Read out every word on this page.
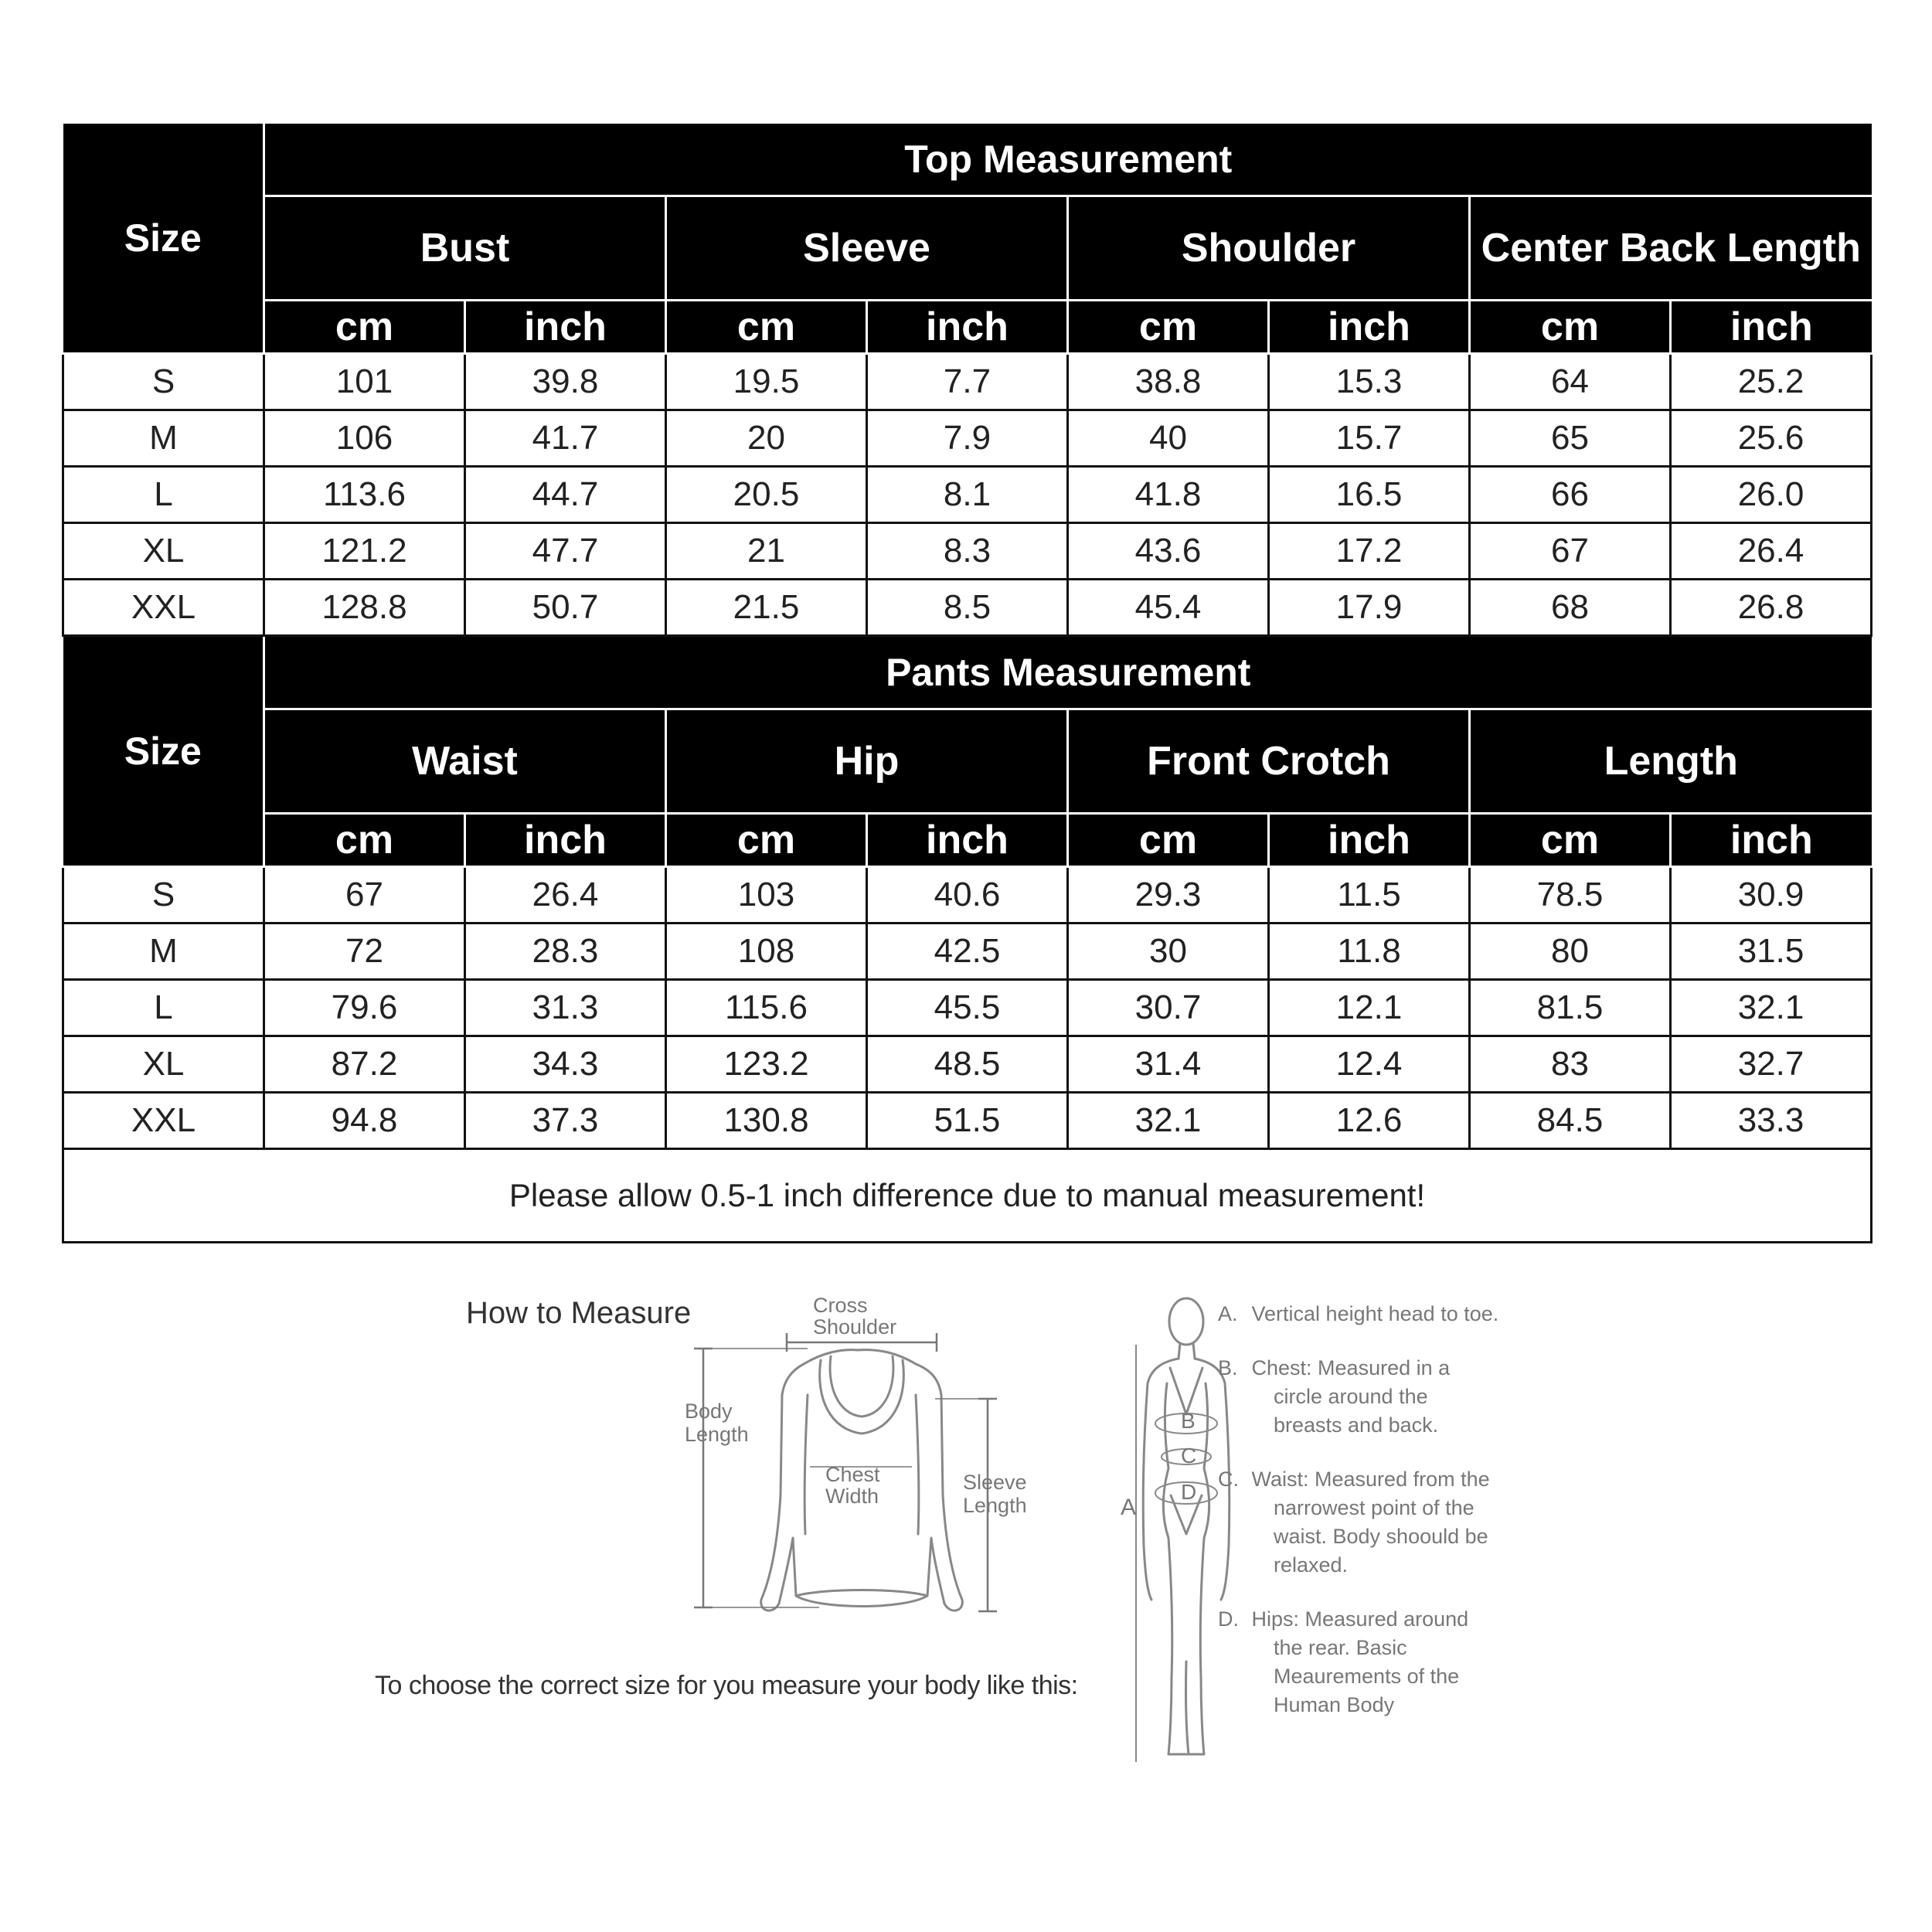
Size	Top Measurement							
	Bust		Sleeve		Shoulder		Center Back Length	
	cm	inch	cm	inch	cm	inch	cm	inch
S	101	39.8	19.5	7.7	38.8	15.3	64	25.2
M	106	41.7	20	7.9	40	15.7	65	25.6
L	113.6	44.7	20.5	8.1	41.8	16.5	66	26.0
XL	121.2	47.7	21	8.3	43.6	17.2	67	26.4
XXL	128.8	50.7	21.5	8.5	45.4	17.9	68	26.8
Size	Pants Measurement							
	Waist		Hip		Front Crotch		Length	
	cm	inch	cm	inch	cm	inch	cm	inch
S	67	26.4	103	40.6	29.3	11.5	78.5	30.9
M	72	28.3	108	42.5	30	11.8	80	31.5
L	79.6	31.3	115.6	45.5	30.7	12.1	81.5	32.1
XL	87.2	34.3	123.2	48.5	31.4	12.4	83	32.7
XXL	94.8	37.3	130.8	51.5	32.1	12.6	84.5	33.3
Please allow 0.5-1 inch difference due to manual measurement!								
How to Measure	Cross
Shoulder
Body
Length
Chest
Width
Sleeve
Length
To choose the correct size for you measure your body like this:
B
C
D
A

A. Vertical height head to toe.

B. Chest: Measured in a circle around the breasts and back.

C. Waist: Measured from the narrowest point of the waist. Body shoould be relaxed.

D. Hips: Measured around the rear. Basic Meaurements of the Human Body
